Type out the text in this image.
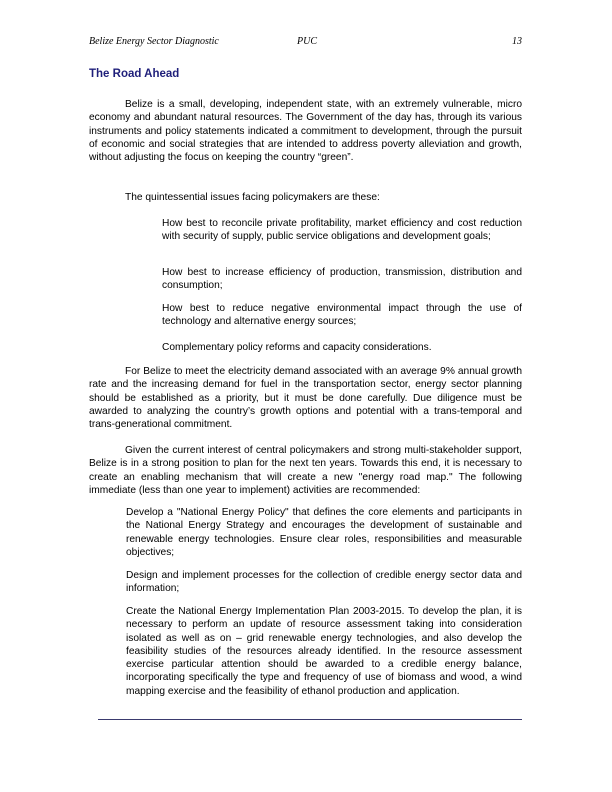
Belize Energy Sector Diagnostic	PUC	13
The Road Ahead

Belize is a small, developing, independent state, with an extremely vulnerable, micro economy and abundant natural resources. The Government of the day has, through its various instruments and policy statements indicated a commitment to development, through the pursuit of economic and social strategies that are intended to address poverty alleviation and growth, without adjusting the focus on keeping the country “green”.

The quintessential issues facing policymakers are these:

How best to reconcile private profitability, market efficiency and cost reduction with security of supply, public service obligations and development goals;

How best to increase efficiency of production, transmission, distribution and consumption;

How best to reduce negative environmental impact through the use of technology and alternative energy sources;

Complementary policy reforms and capacity considerations.

For Belize to meet the electricity demand associated with an average 9% annual growth rate and the increasing demand for fuel in the transportation sector, energy sector planning should be established as a priority, but it must be done carefully. Due diligence must be awarded to analyzing the country’s growth options and potential with a trans-temporal and trans-generational commitment.

Given the current interest of central policymakers and strong multi-stakeholder support, Belize is in a strong position to plan for the next ten years. Towards this end, it is necessary to create an enabling mechanism that will create a new "energy road map." The following immediate (less than one year to implement) activities are recommended:

Develop a "National Energy Policy" that defines the core elements and participants in the National Energy Strategy and encourages the development of sustainable and renewable energy technologies. Ensure clear roles, responsibilities and measurable objectives;

Design and implement processes for the collection of credible energy sector data and information;

Create the National Energy Implementation Plan 2003-2015. To develop the plan, it is necessary to perform an update of resource assessment taking into consideration isolated as well as on – grid renewable energy technologies, and also develop the feasibility studies of the resources already identified. In the resource assessment exercise particular attention should be awarded to a credible energy balance, incorporating specifically the type and frequency of use of biomass and wood, a wind mapping exercise and the feasibility of ethanol production and application.
